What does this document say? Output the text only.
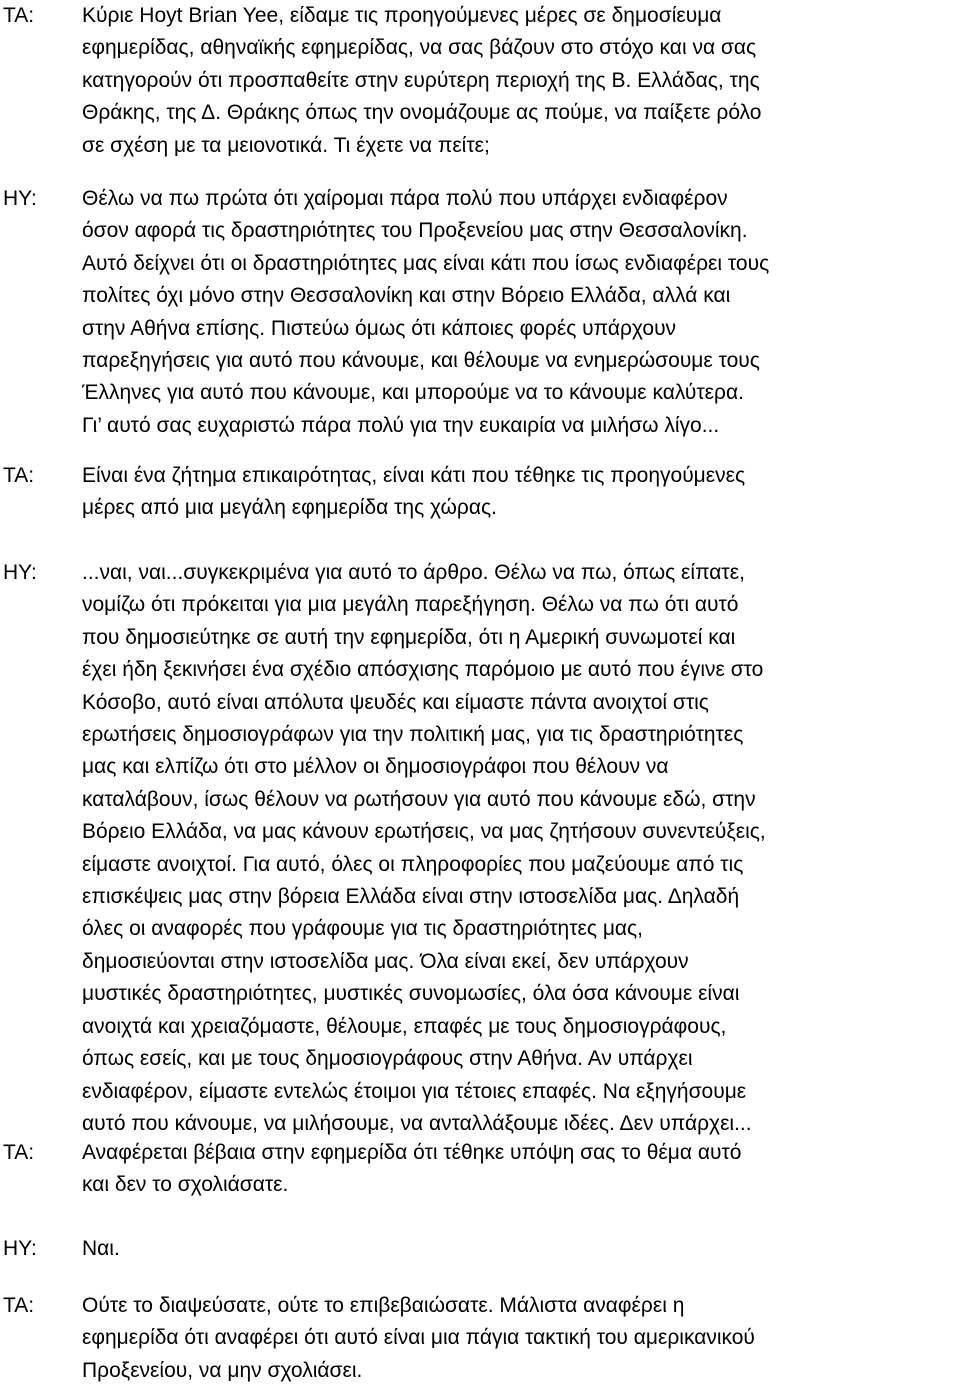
ΤΑ: Κύριε Hoyt Brian Yee, είδαμε τις προηγούμενες μέρες σε δημοσίευμα
εφημερίδας, αθηναϊκής εφημερίδας, να σας βάζουν στο στόχο και να σας
κατηγορούν ότι προσπαθείτε στην ευρύτερη περιοχή της Β. Ελλάδας, της
Θράκης, της Δ. Θράκης όπως την ονομάζουμε ας πούμε, να παίξετε ρόλο
σε σχέση με τα μειονοτικά. Τι έχετε να πείτε;

HY: Θέλω να πω πρώτα ότι χαίρομαι πάρα πολύ που υπάρχει ενδιαφέρον
όσον αφορά τις δραστηριότητες του Προξενείου μας στην Θεσσαλονίκη.
Αυτό δείχνει ότι οι δραστηριότητες μας είναι κάτι που ίσως ενδιαφέρει τους
πολίτες όχι μόνο στην Θεσσαλονίκη και στην Βόρειο Ελλάδα, αλλά και
στην Αθήνα επίσης. Πιστεύω όμως ότι κάποιες φορές υπάρχουν
παρεξηγήσεις για αυτό που κάνουμε, και θέλουμε να ενημερώσουμε τους
Έλληνες για αυτό που κάνουμε, και μπορούμε να το κάνουμε καλύτερα.
Γι’ αυτό σας ευχαριστώ πάρα πολύ για την ευκαιρία να μιλήσω λίγο...

ΤΑ: Είναι ένα ζήτημα επικαιρότητας, είναι κάτι που τέθηκε τις προηγούμενες
μέρες από μια μεγάλη εφημερίδα της χώρας.

HY: ...ναι, ναι...συγκεκριμένα για αυτό το άρθρο. Θέλω να πω, όπως είπατε,
νομίζω ότι πρόκειται για μια μεγάλη παρεξήγηση. Θέλω να πω ότι αυτό
που δημοσιεύτηκε σε αυτή την εφημερίδα, ότι η Αμερική συνωμοτεί και
έχει ήδη ξεκινήσει ένα σχέδιο απόσχισης παρόμοιο με αυτό που έγινε στο
Κόσοβο, αυτό είναι απόλυτα ψευδές και είμαστε πάντα ανοιχτοί στις
ερωτήσεις δημοσιογράφων για την πολιτική μας, για τις δραστηριότητες
μας και ελπίζω ότι στο μέλλον οι δημοσιογράφοι που θέλουν να
καταλάβουν, ίσως θέλουν να ρωτήσουν για αυτό που κάνουμε εδώ, στην
Βόρειο Ελλάδα, να μας κάνουν ερωτήσεις, να μας ζητήσουν συνεντεύξεις,
είμαστε ανοιχτοί. Για αυτό, όλες οι πληροφορίες που μαζεύουμε από τις
επισκέψεις μας στην βόρεια Ελλάδα είναι στην ιστοσελίδα μας. Δηλαδή
όλες οι αναφορές που γράφουμε για τις δραστηριότητες μας,
δημοσιεύονται στην ιστοσελίδα μας. Όλα είναι εκεί, δεν υπάρχουν
μυστικές δραστηριότητες, μυστικές συνομωσίες, όλα όσα κάνουμε είναι
ανοιχτά και χρειαζόμαστε, θέλουμε, επαφές με τους δημοσιογράφους,
όπως εσείς, και με τους δημοσιογράφους στην Αθήνα. Αν υπάρχει
ενδιαφέρον, είμαστε εντελώς έτοιμοι για τέτοιες επαφές. Να εξηγήσουμε
αυτό που κάνουμε, να μιλήσουμε, να ανταλλάξουμε ιδέες. Δεν υπάρχει...

ΤΑ: Αναφέρεται βέβαια στην εφημερίδα ότι τέθηκε υπόψη σας το θέμα αυτό
και δεν το σχολιάσατε.

HY: Ναι.

ΤΑ: Ούτε το διαψεύσατε, ούτε το επιβεβαιώσατε. Μάλιστα αναφέρει η
εφημερίδα ότι αναφέρει ότι αυτό είναι μια πάγια τακτική του αμερικανικού
Προξενείου, να μην σχολιάσει.
